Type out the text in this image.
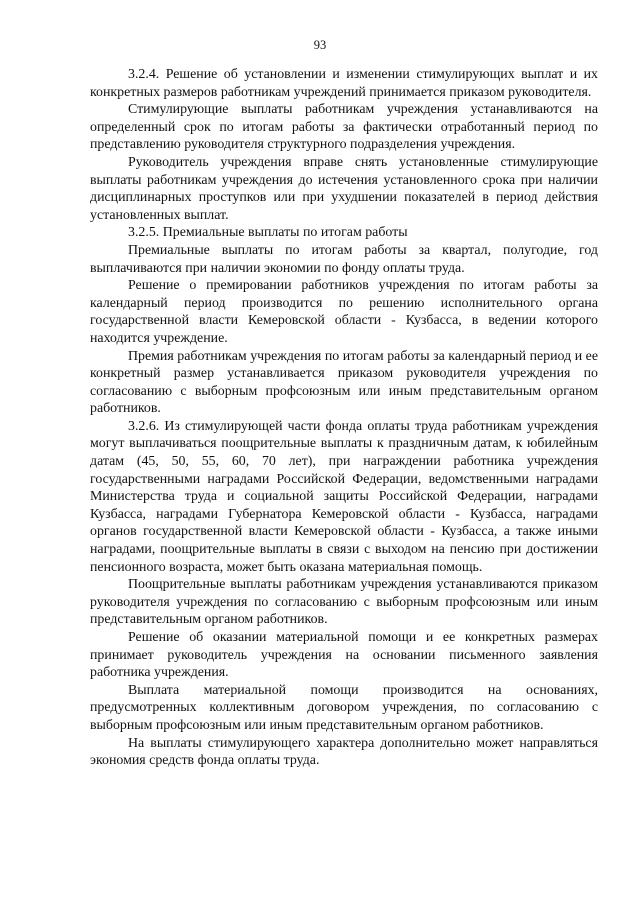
93

3.2.4. Решение об установлении и изменении стимулирующих выплат и их конкретных размеров работникам учреждений принимается приказом руководителя.

Стимулирующие выплаты работникам учреждения устанавливаются на определенный срок по итогам работы за фактически отработанный период по представлению руководителя структурного подразделения учреждения.

Руководитель учреждения вправе снять установленные стимулирующие выплаты работникам учреждения до истечения установленного срока при наличии дисциплинарных проступков или при ухудшении показателей в период действия установленных выплат.

3.2.5. Премиальные выплаты по итогам работы

Премиальные выплаты по итогам работы за квартал, полугодие, год выплачиваются при наличии экономии по фонду оплаты труда.

Решение о премировании работников учреждения по итогам работы за календарный период производится по решению исполнительного органа государственной власти Кемеровской области - Кузбасса, в ведении которого находится учреждение.

Премия работникам учреждения по итогам работы за календарный период и ее конкретный размер устанавливается приказом руководителя учреждения по согласованию с выборным профсоюзным или иным представительным органом работников.

3.2.6. Из стимулирующей части фонда оплаты труда работникам учреждения могут выплачиваться поощрительные выплаты к праздничным датам, к юбилейным датам (45, 50, 55, 60, 70 лет), при награждении работника учреждения государственными наградами Российской Федерации, ведомственными наградами Министерства труда и социальной защиты Российской Федерации, наградами Кузбасса, наградами Губернатора Кемеровской области - Кузбасса, наградами органов государственной власти Кемеровской области - Кузбасса, а также иными наградами, поощрительные выплаты в связи с выходом на пенсию при достижении пенсионного возраста, может быть оказана материальная помощь.

Поощрительные выплаты работникам учреждения устанавливаются приказом руководителя учреждения по согласованию с выборным профсоюзным или иным представительным органом работников.

Решение об оказании материальной помощи и ее конкретных размерах принимает руководитель учреждения на основании письменного заявления работника учреждения.

Выплата материальной помощи производится на основаниях, предусмотренных коллективным договором учреждения, по согласованию с выборным профсоюзным или иным представительным органом работников.

На выплаты стимулирующего характера дополнительно может направляться экономия средств фонда оплаты труда.
